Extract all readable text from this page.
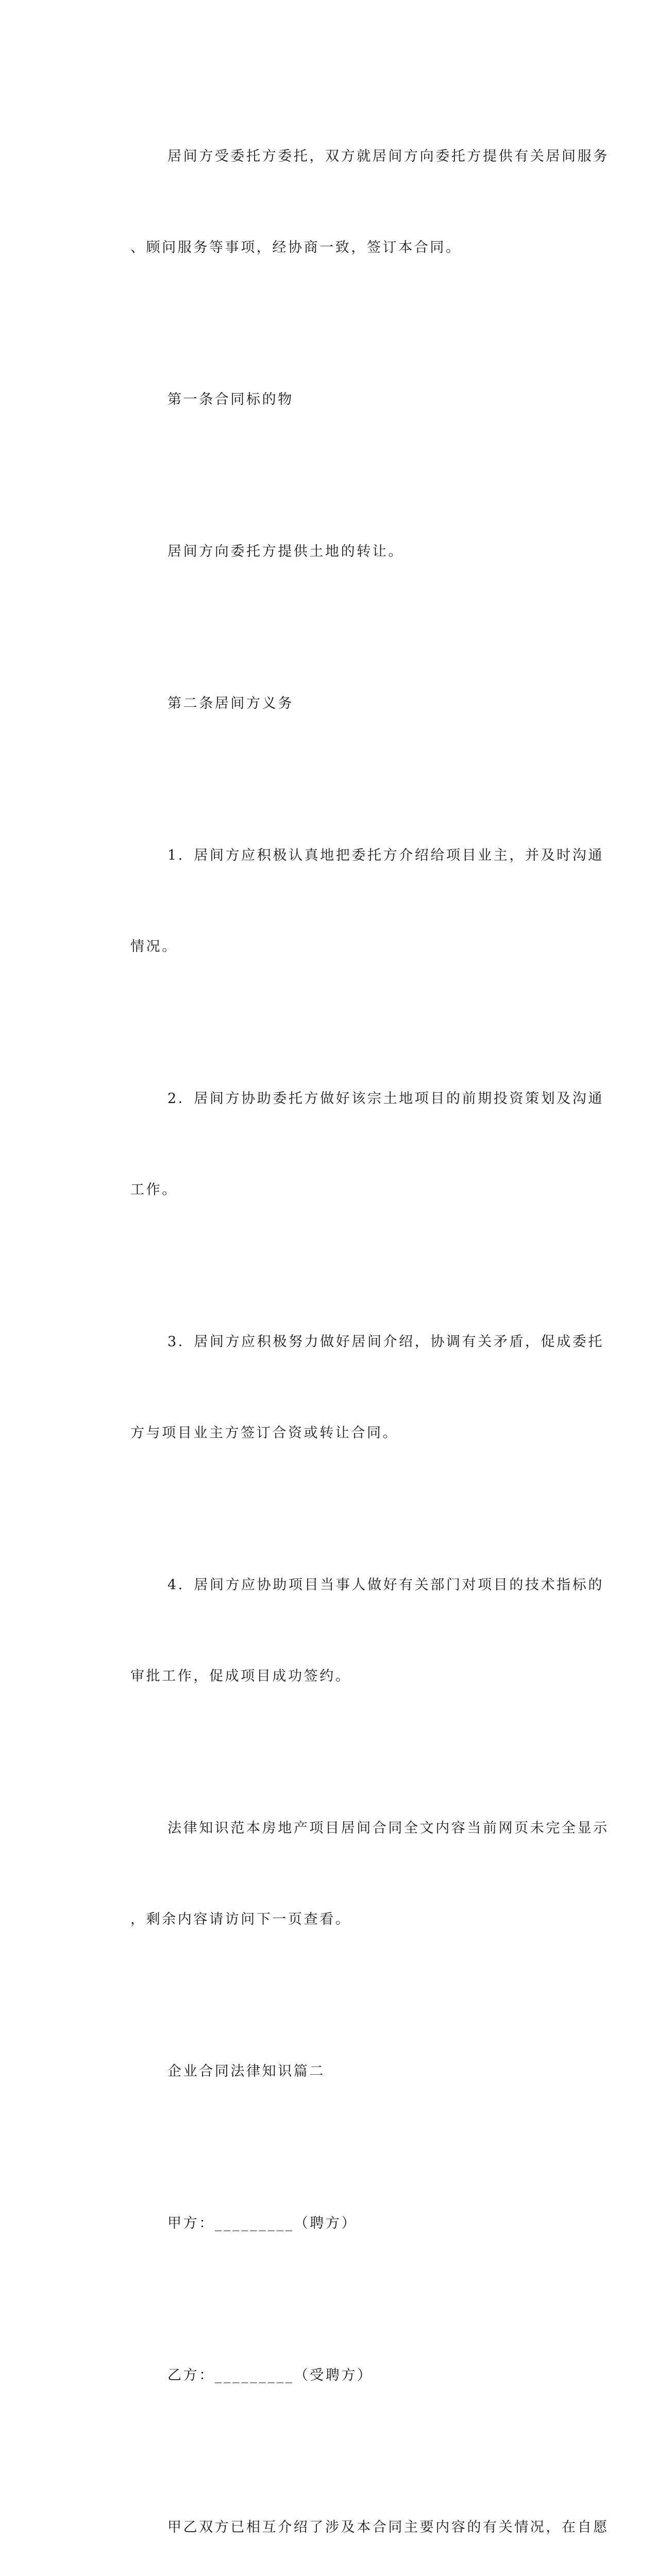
居间方受委托方委托，双方就居间方向委托方提供有关居间服务

、顾问服务等事项，经协商一致，签订本合同。

第一条合同标的物

居间方向委托方提供土地的转让。

第二条居间方义务

1．居间方应积极认真地把委托方介绍给项目业主，并及时沟通

情况。

2．居间方协助委托方做好该宗土地项目的前期投资策划及沟通

工作。

3．居间方应积极努力做好居间介绍，协调有关矛盾，促成委托

方与项目业主方签订合资或转让合同。

4．居间方应协助项目当事人做好有关部门对项目的技术指标的

审批工作，促成项目成功签约。

法律知识范本房地产项目居间合同全文内容当前网页未完全显示

，剩余内容请访问下一页查看。

企业合同法律知识篇二

甲方：_________（聘方）

乙方：_________（受聘方）

甲乙双方已相互介绍了涉及本合同主要内容的有关情况，在自愿
